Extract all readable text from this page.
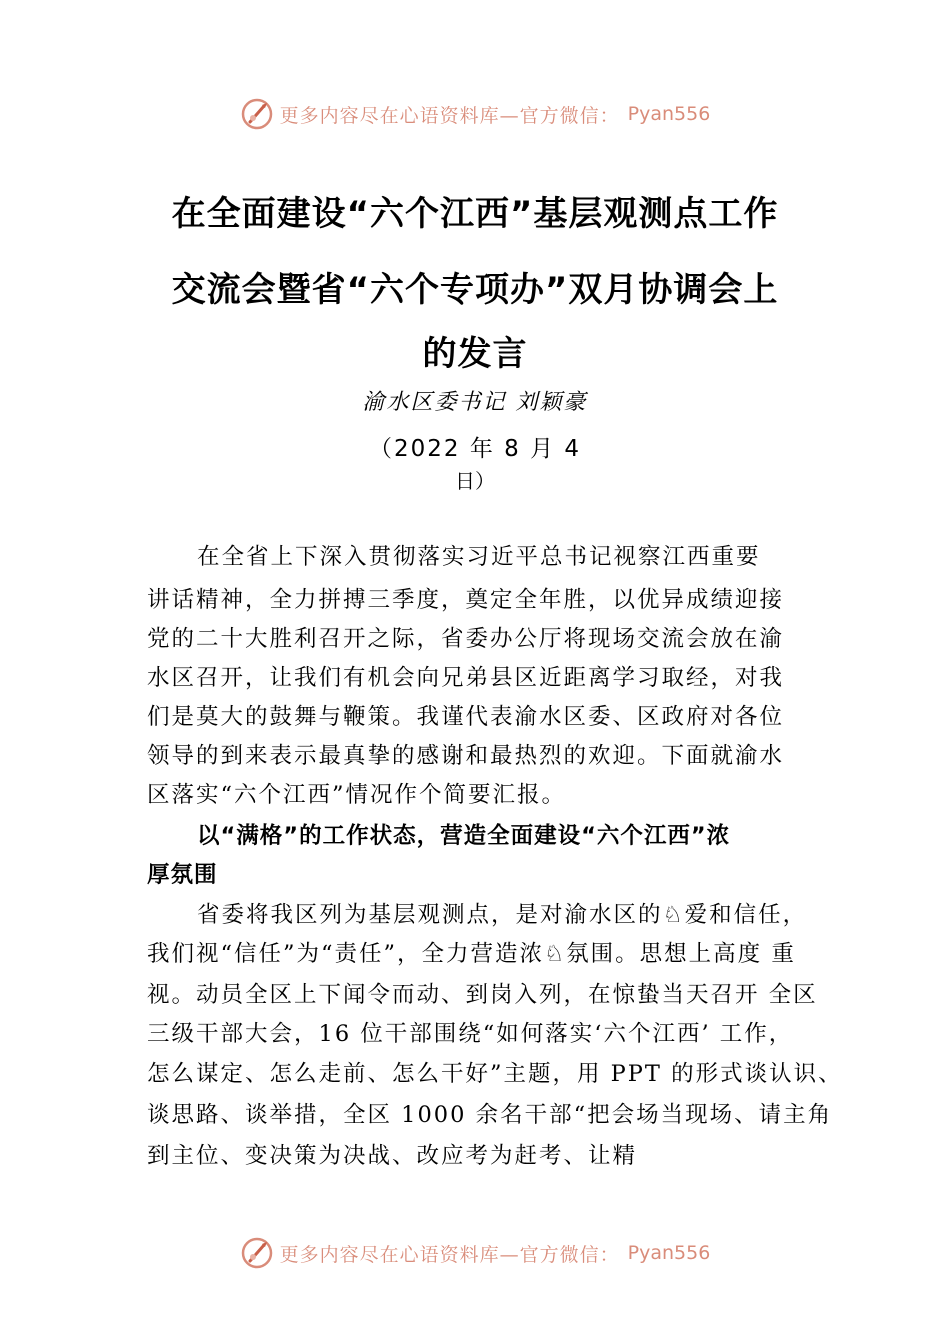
更多内容尽在心语资料库—官方微信： Pyan556
在全面建设“六个江西”基层观测点工作
交流会暨省“六个专项办”双月协调会上
的发言
渝水区委书记 刘颖豪
（2022 年 8 月 4
日）
在全省上下深入贯彻落实习近平总书记视察江西重要
讲话精神，全力拼搏三季度，奠定全年胜，以优异成绩迎接
党的二十大胜利召开之际，省委办公厅将现场交流会放在渝
水区召开，让我们有机会向兄弟县区近距离学习取经，对我
们是莫大的鼓舞与鞭策。我谨代表渝水区委、区政府对各位
领导的到来表示最真挚的感谢和最热烈的欢迎。下面就渝水
区落实“六个江西”情况作个简要汇报。
以“满格”的工作状态，营造全面建设“六个江西”浓
厚氛围
省委将我区列为基层观测点，是对渝水区的♘爱和信任，
我们视“信任”为“责任”，全力营造浓♘氛围。思想上高度 重
视。动员全区上下闻令而动、到岗入列，在惊蛰当天召开 全区
三级干部大会，16 位干部围绕“如何落实‘六个江西’ 工作，
怎么谋定、怎么走前、怎么干好”主题，用 PPT 的形式谈认识、
谈思路、谈举措，全区 1000 余名干部“把会场当现场、请主角
到主位、变决策为决战、改应考为赶考、让精
更多内容尽在心语资料库—官方微信： Pyan556
